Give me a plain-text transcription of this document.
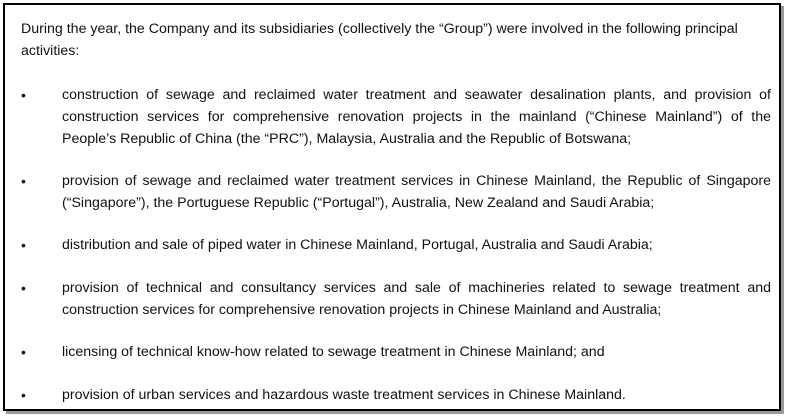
During the year, the Company and its subsidiaries (collectively the “Group”) were involved in the following principal activities:

•	construction of sewage and reclaimed water treatment and seawater desalination plants, and provision of construction services for comprehensive renovation projects in the mainland (“Chinese Mainland”) of the People’s Republic of China (the “PRC”), Malaysia, Australia and the Republic of Botswana;

•	provision of sewage and reclaimed water treatment services in Chinese Mainland, the Republic of Singapore (“Singapore”), the Portuguese Republic (“Portugal”), Australia, New Zealand and Saudi Arabia;

•	distribution and sale of piped water in Chinese Mainland, Portugal, Australia and Saudi Arabia;

•	provision of technical and consultancy services and sale of machineries related to sewage treatment and construction services for comprehensive renovation projects in Chinese Mainland and Australia;

•	licensing of technical know-how related to sewage treatment in Chinese Mainland; and

•	provision of urban services and hazardous waste treatment services in Chinese Mainland.
